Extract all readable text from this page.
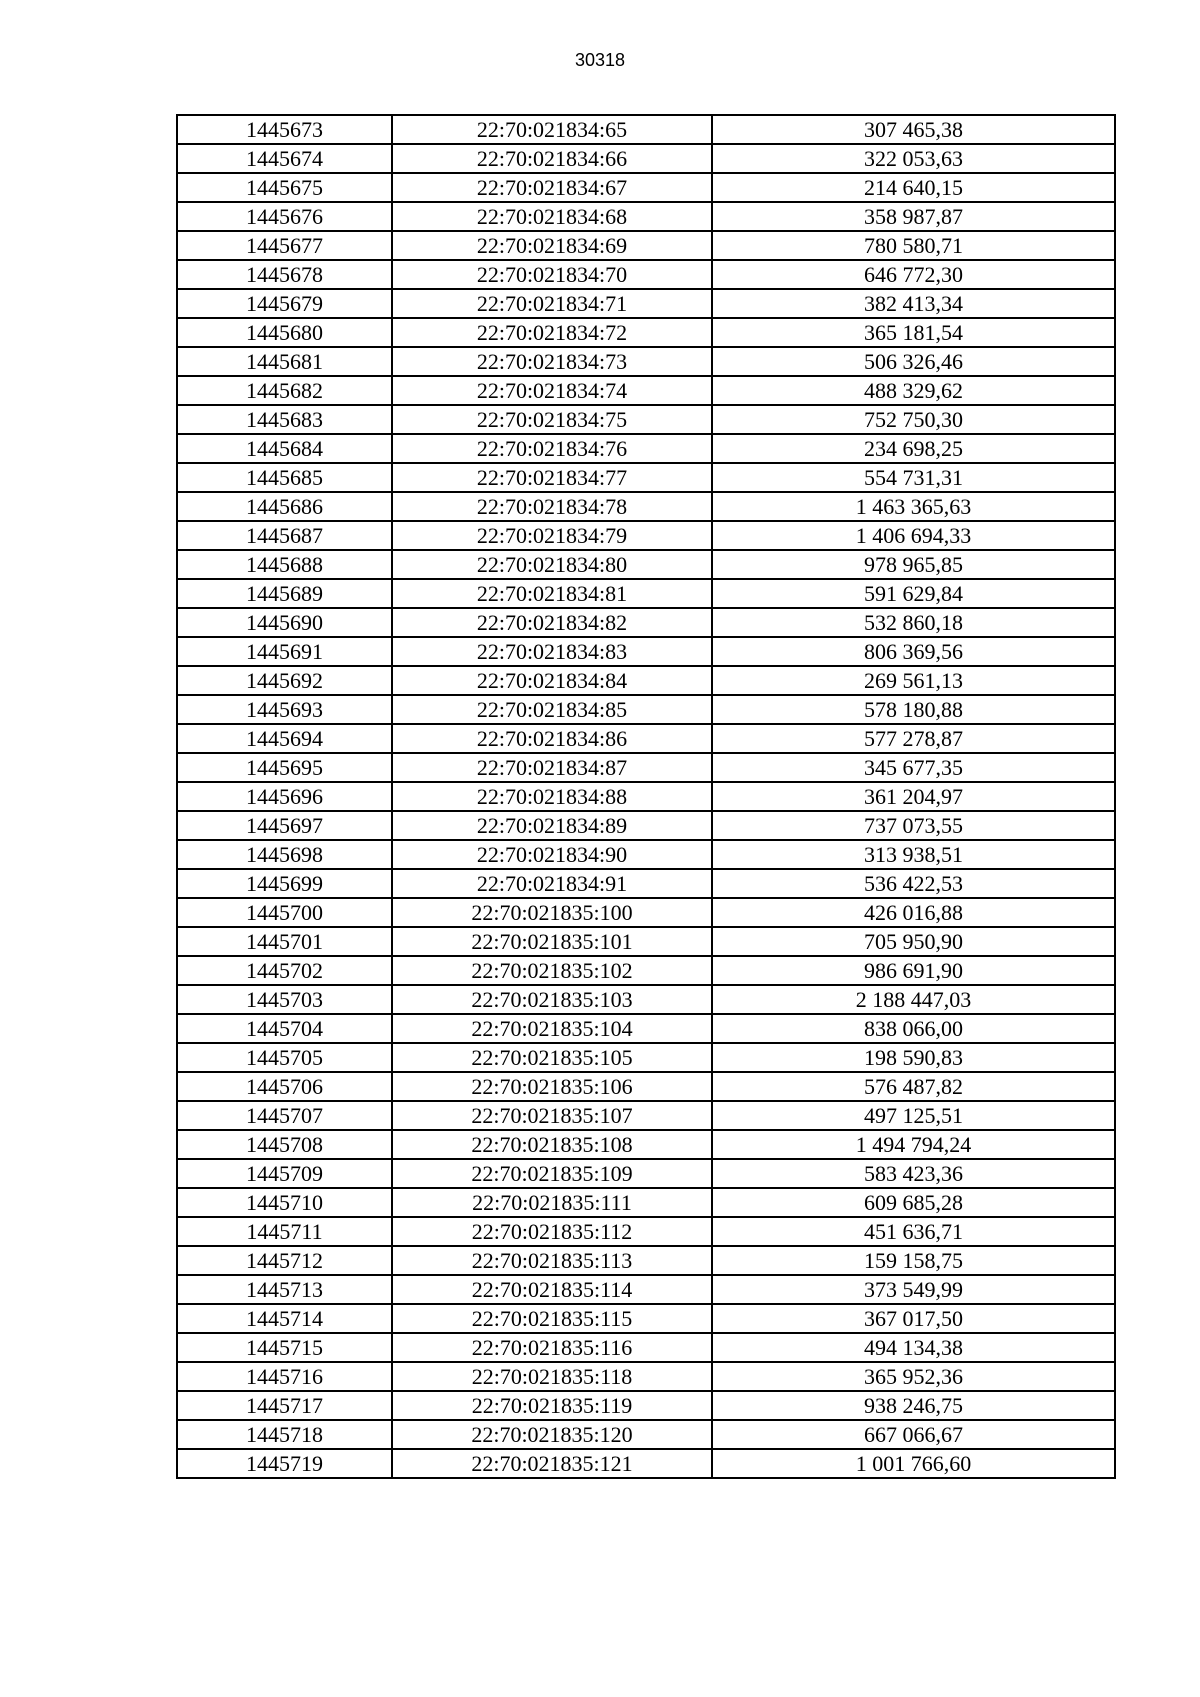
30318
1445673	22:70:021834:65	307 465,38
1445674	22:70:021834:66	322 053,63
1445675	22:70:021834:67	214 640,15
1445676	22:70:021834:68	358 987,87
1445677	22:70:021834:69	780 580,71
1445678	22:70:021834:70	646 772,30
1445679	22:70:021834:71	382 413,34
1445680	22:70:021834:72	365 181,54
1445681	22:70:021834:73	506 326,46
1445682	22:70:021834:74	488 329,62
1445683	22:70:021834:75	752 750,30
1445684	22:70:021834:76	234 698,25
1445685	22:70:021834:77	554 731,31
1445686	22:70:021834:78	1 463 365,63
1445687	22:70:021834:79	1 406 694,33
1445688	22:70:021834:80	978 965,85
1445689	22:70:021834:81	591 629,84
1445690	22:70:021834:82	532 860,18
1445691	22:70:021834:83	806 369,56
1445692	22:70:021834:84	269 561,13
1445693	22:70:021834:85	578 180,88
1445694	22:70:021834:86	577 278,87
1445695	22:70:021834:87	345 677,35
1445696	22:70:021834:88	361 204,97
1445697	22:70:021834:89	737 073,55
1445698	22:70:021834:90	313 938,51
1445699	22:70:021834:91	536 422,53
1445700	22:70:021835:100	426 016,88
1445701	22:70:021835:101	705 950,90
1445702	22:70:021835:102	986 691,90
1445703	22:70:021835:103	2 188 447,03
1445704	22:70:021835:104	838 066,00
1445705	22:70:021835:105	198 590,83
1445706	22:70:021835:106	576 487,82
1445707	22:70:021835:107	497 125,51
1445708	22:70:021835:108	1 494 794,24
1445709	22:70:021835:109	583 423,36
1445710	22:70:021835:111	609 685,28
1445711	22:70:021835:112	451 636,71
1445712	22:70:021835:113	159 158,75
1445713	22:70:021835:114	373 549,99
1445714	22:70:021835:115	367 017,50
1445715	22:70:021835:116	494 134,38
1445716	22:70:021835:118	365 952,36
1445717	22:70:021835:119	938 246,75
1445718	22:70:021835:120	667 066,67
1445719	22:70:021835:121	1 001 766,60
